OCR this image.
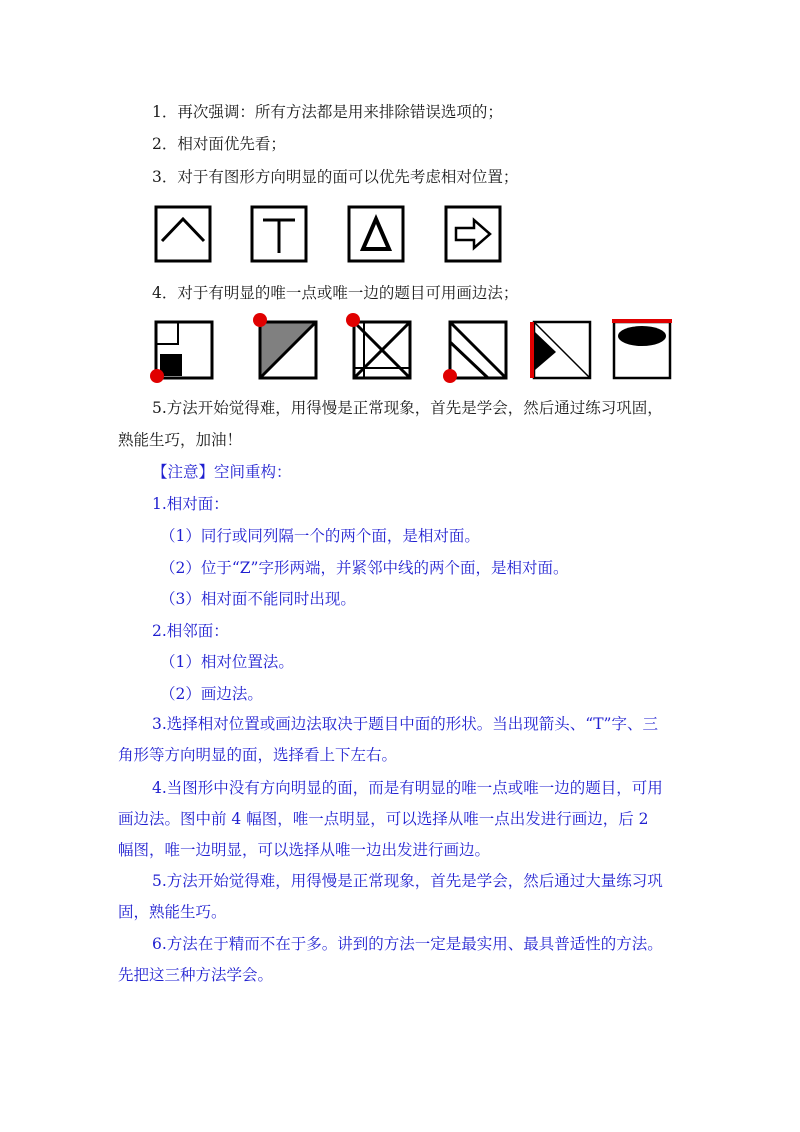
1．再次强调：所有方法都是用来排除错误选项的；
2．相对面优先看；
3．对于有图形方向明显的面可以优先考虑相对位置；
4．对于有明显的唯一点或唯一边的题目可用画边法；
5.方法开始觉得难，用得慢是正常现象，首先是学会，然后通过练习巩固，
熟能生巧，加油！
【注意】空间重构：
1.相对面：
（1）同行或同列隔一个的两个面，是相对面。
（2）位于“Z”字形两端，并紧邻中线的两个面，是相对面。
（3）相对面不能同时出现。
2.相邻面：
（1）相对位置法。
（2）画边法。
3.选择相对位置或画边法取决于题目中面的形状。当出现箭头、“T”字、三
角形等方向明显的面，选择看上下左右。
4.当图形中没有方向明显的面，而是有明显的唯一点或唯一边的题目，可用
画边法。图中前 4 幅图，唯一点明显，可以选择从唯一点出发进行画边，后 2
幅图，唯一边明显，可以选择从唯一边出发进行画边。
5.方法开始觉得难，用得慢是正常现象，首先是学会，然后通过大量练习巩
固，熟能生巧。
6.方法在于精而不在于多。讲到的方法一定是最实用、最具普适性的方法。
先把这三种方法学会。
